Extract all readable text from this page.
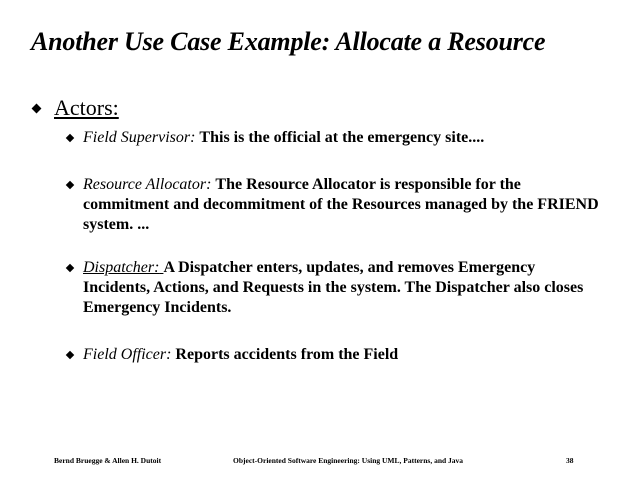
Another Use Case Example: Allocate a Resource
Actors:
Field Supervisor: This is the official at the emergency site....
Resource Allocator: The Resource Allocator is responsible for the commitment and decommitment of the Resources managed by the FRIEND system. ...
Dispatcher: A Dispatcher enters, updates, and removes Emergency Incidents, Actions, and Requests in the system. The Dispatcher also closes Emergency Incidents.
Field Officer: Reports accidents from the Field
Bernd Bruegge & Allen H. Dutoit	Object-Oriented Software Engineering: Using UML, Patterns, and Java	38
